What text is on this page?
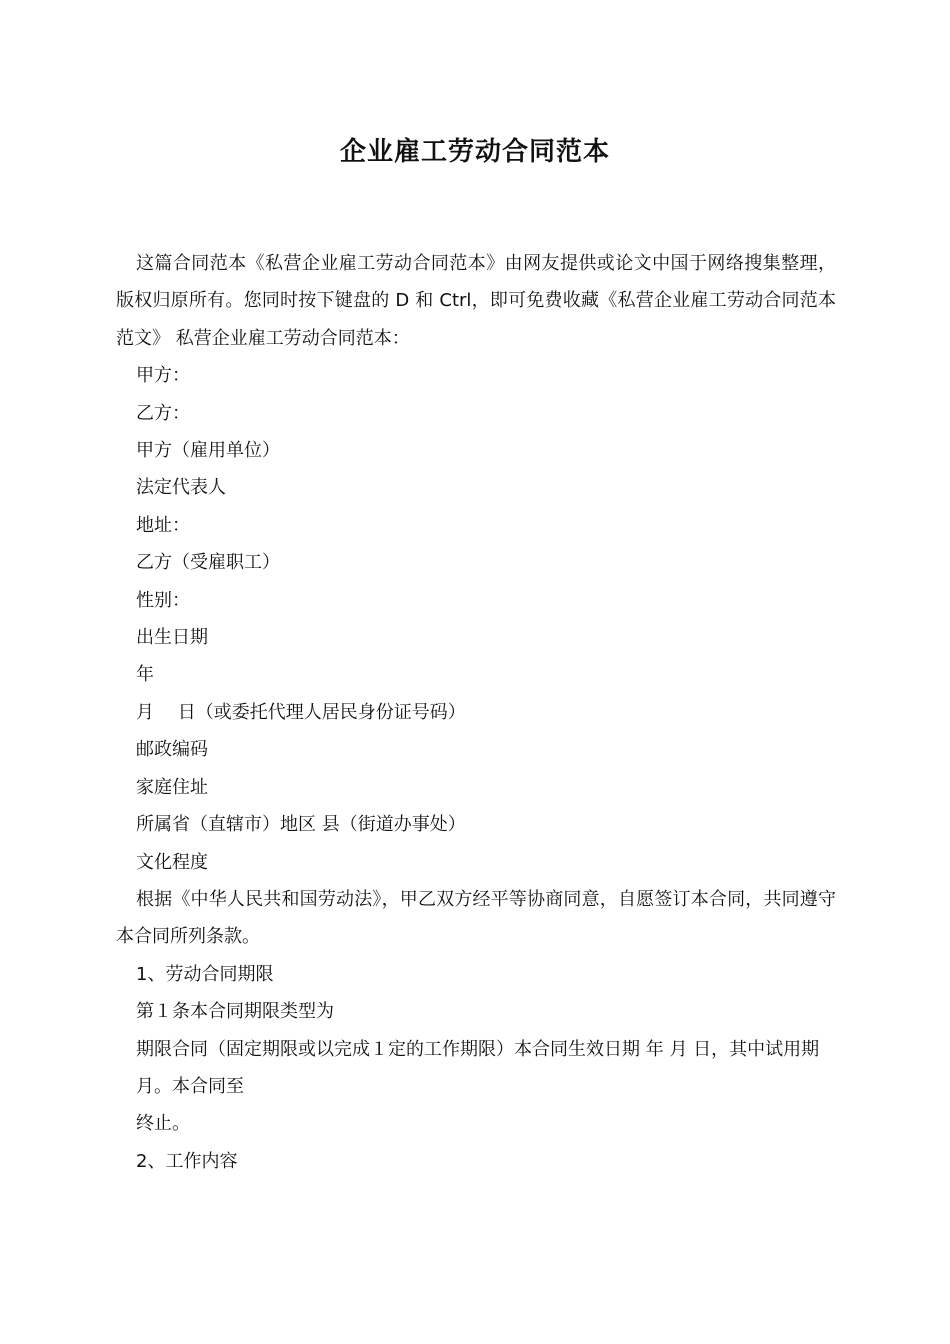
企业雇工劳动合同范本

这篇合同范本《私营企业雇工劳动合同范本》由网友提供或论文中国于网络搜集整理，版权归原所有。您同时按下键盘的 D 和 Ctrl，即可免费收藏《私营企业雇工劳动合同范本范文》 私营企业雇工劳动合同范本：

甲方：

乙方：

甲方（雇用单位）

法定代表人

地址：

乙方（受雇职工）

性别：

出生日期

年

月　 日（或委托代理人居民身份证号码）

邮政编码

家庭住址

所属省（直辖市）地区 县（街道办事处）

文化程度

根据《中华人民共和国劳动法》，甲乙双方经平等协商同意，自愿签订本合同，共同遵守本合同所列条款。

1、劳动合同期限

第１条本合同期限类型为

期限合同（固定期限或以完成１定的工作期限）本合同生效日期 年 月 日，其中试用期

月。本合同至

终止。

2、工作内容
